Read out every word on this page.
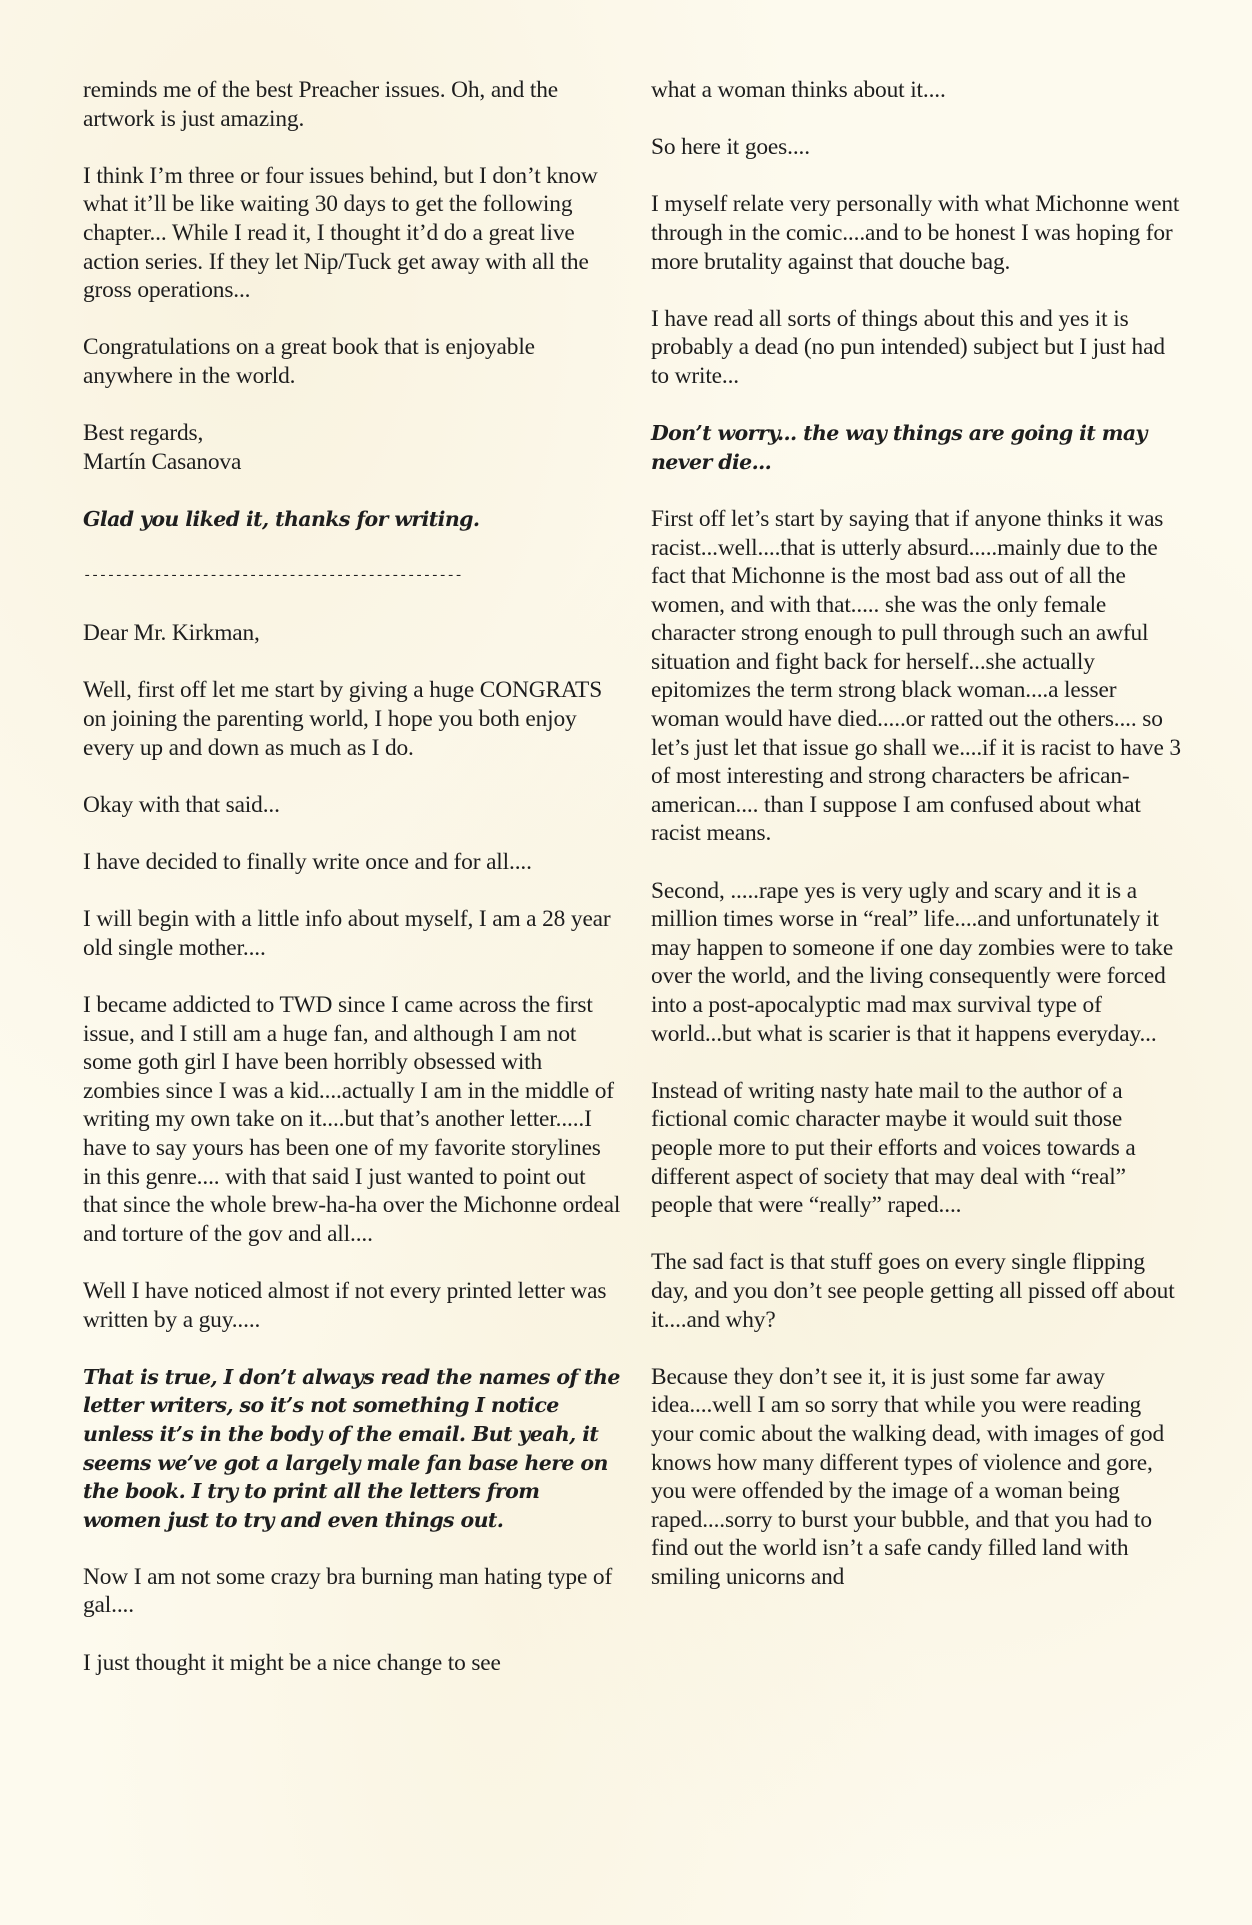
reminds me of the best Preacher issues. Oh, and the artwork is just amazing.

I think I’m three or four issues behind, but I don’t know what it’ll be like waiting 30 days to get the following chapter... While I read it, I thought it’d do a great live action series. If they let Nip/Tuck get away with all the gross operations...

Congratulations on a great book that is enjoyable anywhere in the world.

Best regards,
Martín Casanova

Glad you liked it, thanks for writing.

------------------------------------------------

Dear Mr. Kirkman,

Well, first off let me start by giving a huge CONGRATS on joining the parenting world, I hope you both enjoy every up and down as much as I do.

Okay with that said...

I have decided to finally write once and for all....

I will begin with a little info about myself, I am a 28 year old single mother....

I became addicted to TWD since I came across the first issue, and I still am a huge fan, and although I am not some goth girl I have been horribly obsessed with zombies since I was a kid....actually I am in the middle of writing my own take on it....but that’s another letter.....I have to say yours has been one of my favorite storylines in this genre.... with that said I just wanted to point out that since the whole brew-ha-ha over the Michonne ordeal and torture of the gov and all....

Well I have noticed almost if not every printed letter was written by a guy.....

That is true, I don’t always read the names of the letter writers, so it’s not something I notice unless it’s in the body of the email. But yeah, it seems we’ve got a largely male fan base here on the book. I try to print all the letters from women just to try and even things out.

Now I am not some crazy bra burning man hating type of gal....

I just thought it might be a nice change to see

what a woman thinks about it....

So here it goes....

I myself relate very personally with what Michonne went through in the comic....and to be honest I was hoping for more brutality against that douche bag.

I have read all sorts of things about this and yes it is probably a dead (no pun intended) subject but I just had to write...

Don’t worry... the way things are going it may never die...

First off let’s start by saying that if anyone thinks it was racist...well....that is utterly absurd.....mainly due to the fact that Michonne is the most bad ass out of all the women, and with that..... she was the only female character strong enough to pull through such an awful situation and fight back for herself...she actually epitomizes the term strong black woman....a lesser woman would have died.....or ratted out the others.... so let’s just let that issue go shall we....if it is racist to have 3 of most interesting and strong characters be african-american.... than I suppose I am confused about what racist means.

Second, .....rape yes is very ugly and scary and it is a million times worse in “real” life....and unfortunately it may happen to someone if one day zombies were to take over the world, and the living consequently were forced into a post-apocalyptic mad max survival type of world...but what is scarier is that it happens everyday...

Instead of writing nasty hate mail to the author of a fictional comic character maybe it would suit those people more to put their efforts and voices towards a different aspect of society that may deal with “real” people that were “really” raped....

The sad fact is that stuff goes on every single flipping day, and you don’t see people getting all pissed off about it....and why?

Because they don’t see it, it is just some far away idea....well I am so sorry that while you were reading your comic about the walking dead, with images of god knows how many different types of violence and gore, you were offended by the image of a woman being raped....sorry to burst your bubble, and that you had to find out the world isn’t a safe candy filled land with smiling unicorns and
